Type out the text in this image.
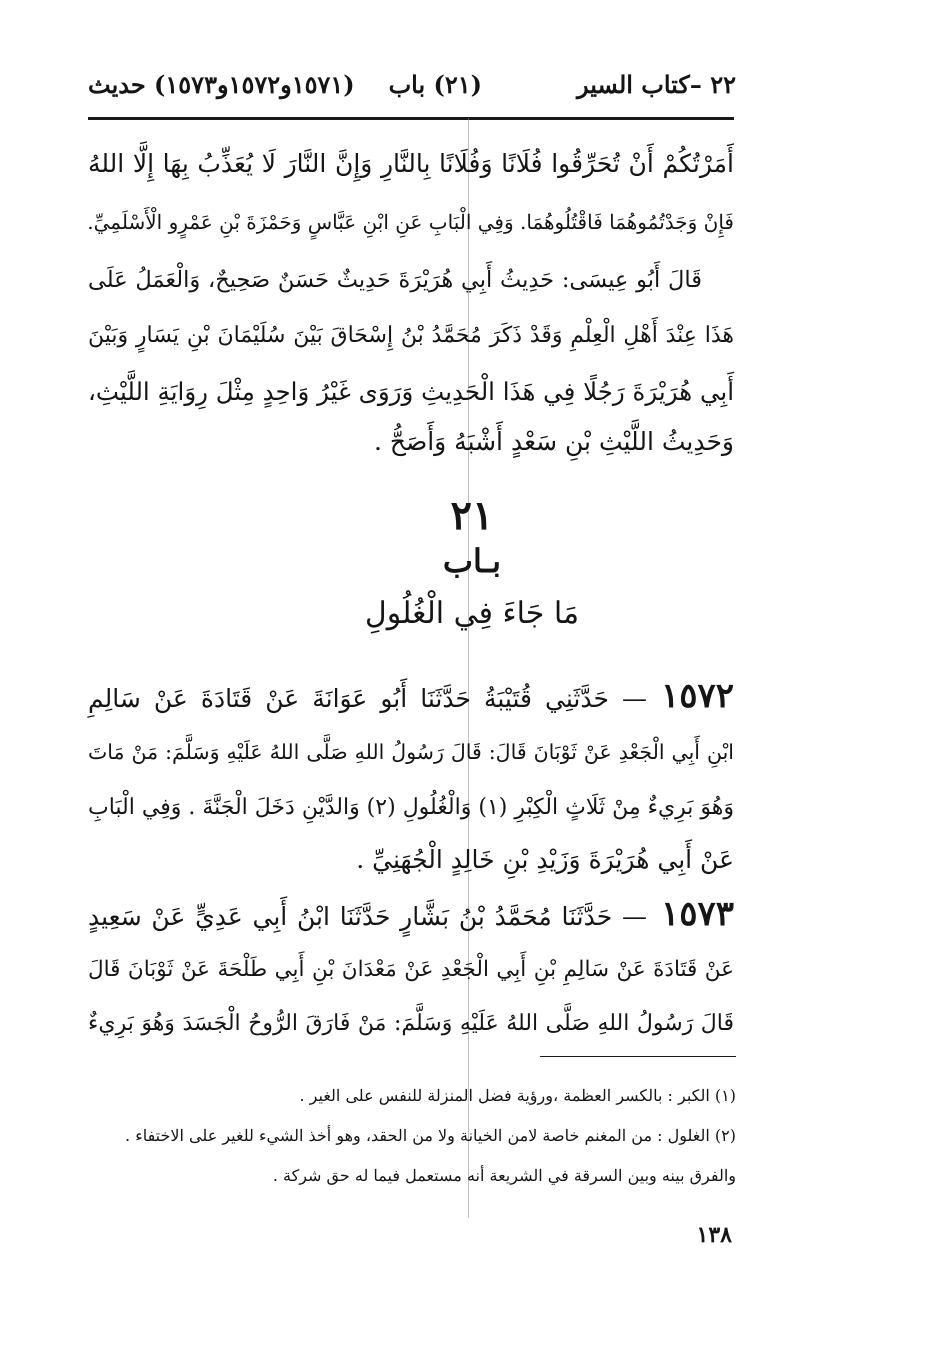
٢٢ –كتاب السير
(٢١) باب
(١٥٧١و١٥٧٢و١٥٧٣) حديث
أَمَرْتُكُمْ أَنْ تُحَرِّقُوا فُلَانًا وَفُلَانًا بِالنَّارِ وَإِنَّ النَّارَ لَا يُعَذِّبُ بِهَا إِلَّا اللهُ
فَإِنْ وَجَدْتُمُوهُمَا فَاقْتُلُوهُمَا. وَفِي الْبَابِ عَنِ ابْنِ عَبَّاسٍ وَحَمْزَةَ بْنِ عَمْرٍو الْأَسْلَمِيِّ.
قَالَ أَبُو عِيسَى: حَدِيثُ أَبِي هُرَيْرَةَ حَدِيثٌ حَسَنٌ صَحِيحٌ، وَالْعَمَلُ عَلَى
هَذَا عِنْدَ أَهْلِ الْعِلْمِ وَقَدْ ذَكَرَ مُحَمَّدُ بْنُ إِسْحَاقَ بَيْنَ سُلَيْمَانَ بْنِ يَسَارٍ وَبَيْنَ
أَبِي هُرَيْرَةَ رَجُلًا فِي هَذَا الْحَدِيثِ وَرَوَى غَيْرُ وَاحِدٍ مِثْلَ رِوَايَةِ اللَّيْثِ،
وَحَدِيثُ اللَّيْثِ بْنِ سَعْدٍ أَشْبَهُ وَأَصَحُّ .
٢١
بـاب
مَا جَاءَ فِي الْغُلُولِ
١٥٧٢— حَدَّثَنِي قُتَيْبَةُ حَدَّثَنَا أَبُو عَوَانَةَ عَنْ قَتَادَةَ عَنْ سَالِمِ
ابْنِ أَبِي الْجَعْدِ عَنْ ثَوْبَانَ قَالَ: قَالَ رَسُولُ اللهِ صَلَّى اللهُ عَلَيْهِ وَسَلَّمَ: مَنْ مَاتَ
وَهُوَ بَرِيءٌ مِنْ ثَلَاثٍ الْكِبْرِ (١) وَالْغُلُولِ (٢) وَالدَّيْنِ دَخَلَ الْجَنَّةَ . وَفِي الْبَابِ
عَنْ أَبِي هُرَيْرَةَ وَزَيْدِ بْنِ خَالِدٍ الْجُهَنِيِّ .
١٥٧٣— حَدَّثَنَا مُحَمَّدُ بْنُ بَشَّارٍ حَدَّثَنَا ابْنُ أَبِي عَدِيٍّ عَنْ سَعِيدٍ
عَنْ قَتَادَةَ عَنْ سَالِمِ بْنِ أَبِي الْجَعْدِ عَنْ مَعْدَانَ بْنِ أَبِي طَلْحَةَ عَنْ ثَوْبَانَ قَالَ
قَالَ رَسُولُ اللهِ صَلَّى اللهُ عَلَيْهِ وَسَلَّمَ: مَنْ فَارَقَ الرُّوحُ الْجَسَدَ وَهُوَ بَرِيءٌ
(١) الكبر : بالكسر العظمة ،ورؤية فضل المنزلة للنفس على الغير .
(٢) الغلول : من المغنم خاصة لامن الخيانة ولا من الحقد، وهو أخذ الشيء للغير على الاختفاء .
والفرق بينه وبين السرقة في الشريعة أنه مستعمل فيما له حق شركة .
١٣٨
